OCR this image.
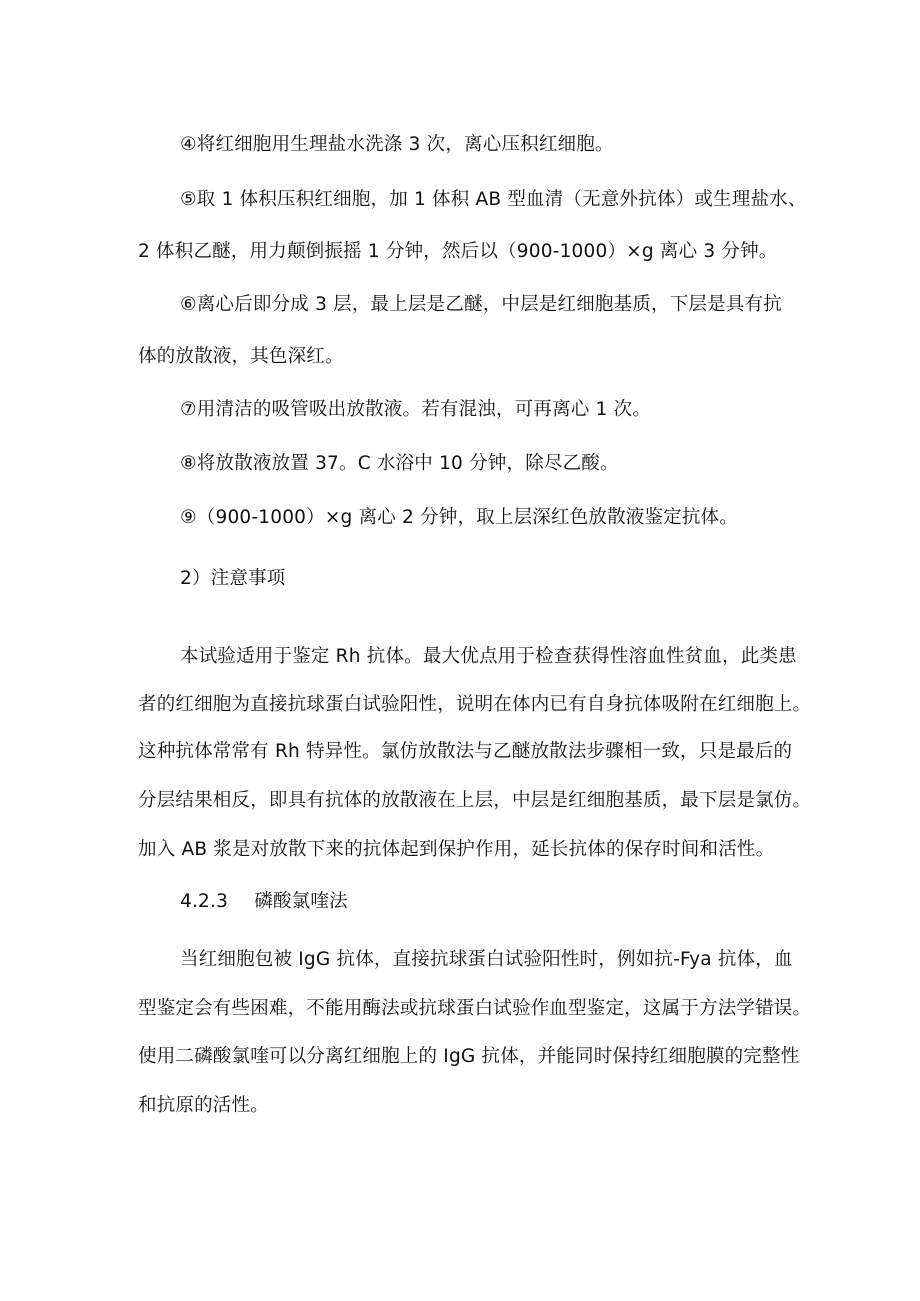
④将红细胞用生理盐水洗涤 3 次，离心压积红细胞。
⑤取 1 体积压积红细胞，加 1 体积 AB 型血清（无意外抗体）或生理盐水、
2 体积乙醚，用力颠倒振摇 1 分钟，然后以（900-1000）×g 离心 3 分钟。
⑥离心后即分成 3 层，最上层是乙醚，中层是红细胞基质，下层是具有抗
体的放散液，其色深红。
⑦用清洁的吸管吸出放散液。若有混浊，可再离心 1 次。
⑧将放散液放置 37。C 水浴中 10 分钟，除尽乙酸。
⑨（900-1000）×g 离心 2 分钟，取上层深红色放散液鉴定抗体。
2）注意事项
本试验适用于鉴定 Rh 抗体。最大优点用于检查获得性溶血性贫血，此类患
者的红细胞为直接抗球蛋白试验阳性，说明在体内已有自身抗体吸附在红细胞上。
这种抗体常常有 Rh 特异性。氯仿放散法与乙醚放散法步骤相一致，只是最后的
分层结果相反，即具有抗体的放散液在上层，中层是红细胞基质，最下层是氯仿。
加入 AB 浆是对放散下来的抗体起到保护作用，延长抗体的保存时间和活性。
4.2.3 磷酸氯喹法
当红细胞包被 IgG 抗体，直接抗球蛋白试验阳性时，例如抗-Fya 抗体，血
型鉴定会有些困难，不能用酶法或抗球蛋白试验作血型鉴定，这属于方法学错误。
使用二磷酸氯喹可以分离红细胞上的 IgG 抗体，并能同时保持红细胞膜的完整性
和抗原的活性。
